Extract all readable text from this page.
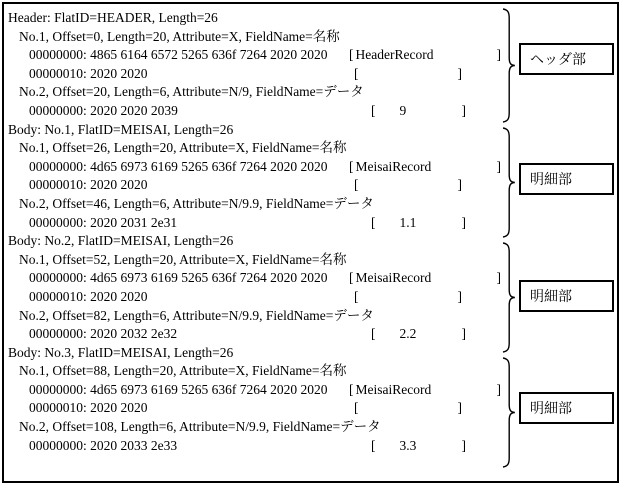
Header: FlatID=HEADER, Length=26
No.1, Offset=0, Length=20, Attribute=X, FieldName=名称
00000000: 4865 6164 6572 5265 636f 7264 2020 2020 [ HeaderRecord	]
00000010: 2020 2020	[	]
No.2, Offset=20, Length=6, Attribute=N/9, FieldName=データ
00000000: 2020 2020 2039	[	9	]
Body: No.1, FlatID=MEISAI, Length=26
No.1, Offset=26, Length=20, Attribute=X, FieldName=名称
00000000: 4d65 6973 6169 5265 636f 7264 2020 2020 [ MeisaiRecord	]
00000010: 2020 2020	[	]
No.2, Offset=46, Length=6, Attribute=N/9.9, FieldName=データ
00000000: 2020 2031 2e31	[	1.1	]
Body: No.2, FlatID=MEISAI, Length=26
No.1, Offset=52, Length=20, Attribute=X, FieldName=名称
00000000: 4d65 6973 6169 5265 636f 7264 2020 2020 [ MeisaiRecord	]
00000010: 2020 2020	[	]
No.2, Offset=82, Length=6, Attribute=N/9.9, FieldName=データ
00000000: 2020 2032 2e32	[	2.2	]
Body: No.3, FlatID=MEISAI, Length=26
No.1, Offset=88, Length=20, Attribute=X, FieldName=名称
00000000: 4d65 6973 6169 5265 636f 7264 2020 2020 [ MeisaiRecord	]
00000010: 2020 2020	[	]
No.2, Offset=108, Length=6, Attribute=N/9.9, FieldName=データ
00000000: 2020 2033 2e33	[	3.3	]
ヘッダ部
明細部
明細部
明細部
